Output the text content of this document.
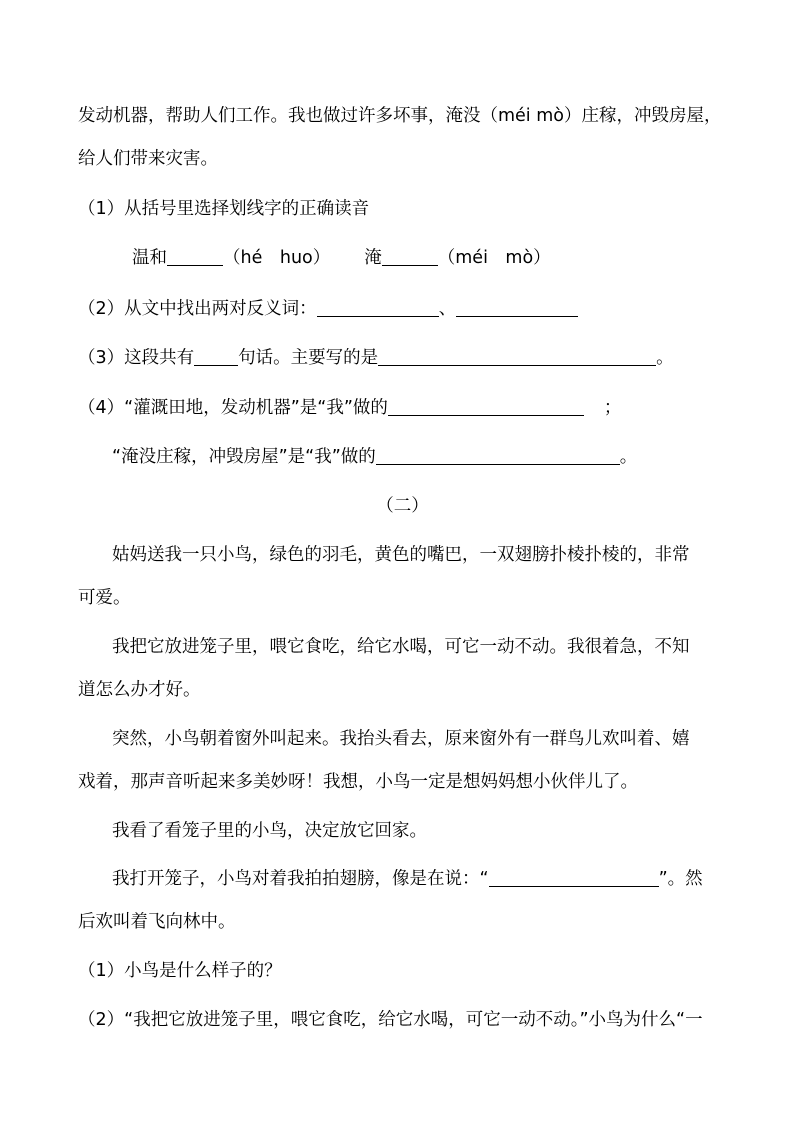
发动机器，帮助人们工作。我也做过许多坏事，淹没（méi mò）庄稼，冲毁房屋，
给人们带来灾害。
（1）从括号里选择划线字的正确读音
温和	（hé　huo） 淹	（méi　mò）
（2）从文中找出两对反义词：	、
（3）这段共有	句话。主要写的是	。
（4）“灌溉田地，发动机器”是“我”做的	；
“淹没庄稼，冲毁房屋”是“我”做的	。
（二）
姑妈送我一只小鸟，绿色的羽毛，黄色的嘴巴，一双翅膀扑棱扑棱的，非常
可爱。
我把它放进笼子里，喂它食吃，给它水喝，可它一动不动。我很着急，不知
道怎么办才好。
突然，小鸟朝着窗外叫起来。我抬头看去，原来窗外有一群鸟儿欢叫着、嬉
戏着，那声音听起来多美妙呀！我想，小鸟一定是想妈妈想小伙伴儿了。
我看了看笼子里的小鸟，决定放它回家。
我打开笼子，小鸟对着我拍拍翅膀，像是在说：“	”。然
后欢叫着飞向林中。
（1）小鸟是什么样子的？
（2）“我把它放进笼子里，喂它食吃，给它水喝，可它一动不动。”小鸟为什么“一
